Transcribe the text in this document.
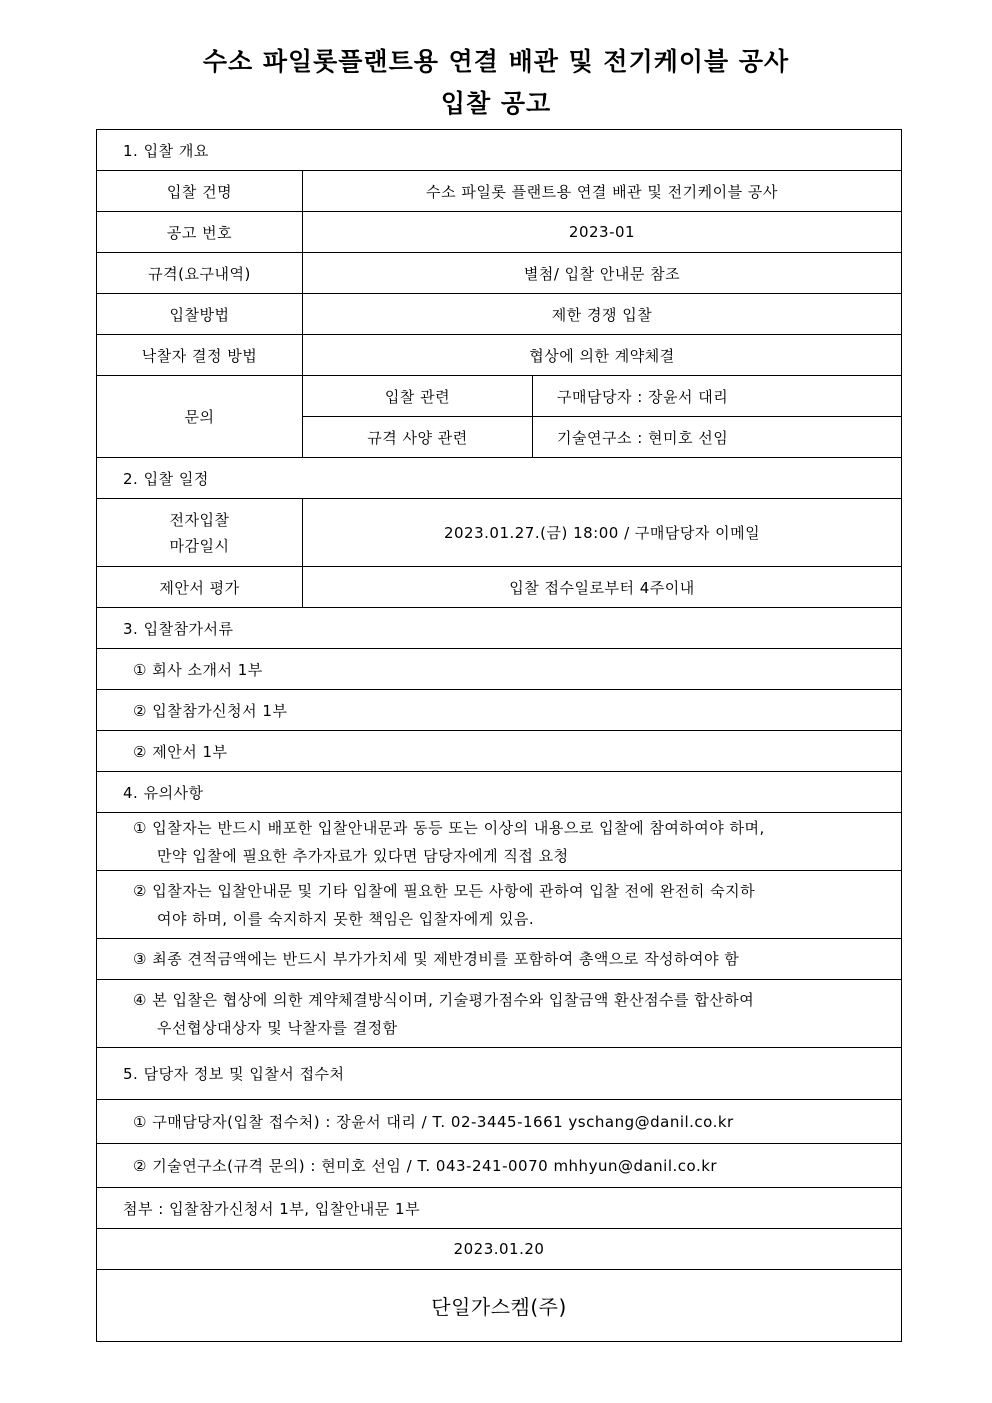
수소 파일롯플랜트용 연결 배관 및 전기케이블 공사
입찰 공고
1. 입찰 개요		
입찰 건명	수소 파일롯 플랜트용 연결 배관 및 전기케이블 공사	
공고 번호	2023-01	
규격(요구내역)	별첨/ 입찰 안내문 참조	
입찰방법	제한 경쟁 입찰	
낙찰자 결정 방법	협상에 의한 계약체결	
문의	입찰 관련	구매담당자 : 장윤서 대리
	규격 사양 관련	기술연구소 : 현미호 선임
2. 입찰 일정		
전자입찰
마감일시	2023.01.27.(금) 18:00 / 구매담당자 이메일	
제안서 평가	입찰 접수일로부터 4주이내	
3. 입찰참가서류		
① 회사 소개서 1부		
② 입찰참가신청서 1부		
② 제안서 1부		
4. 유의사항		
① 입찰자는 반드시 배포한 입찰안내문과 동등 또는 이상의 내용으로 입찰에 참여하여야 하며,
만약 입찰에 필요한 추가자료가 있다면 담당자에게 직접 요청		

② 입찰자는 입찰안내문 및 기타 입찰에 필요한 모든 사항에 관하여 입찰 전에 완전히 숙지하
여야 하며, 이를 숙지하지 못한 책임은 입찰자에게 있음.		

③ 최종 견적금액에는 반드시 부가가치세 및 제반경비를 포함하여 총액으로 작성하여야 함		
④ 본 입찰은 협상에 의한 계약체결방식이며, 기술평가점수와 입찰금액 환산점수를 합산하여
우선협상대상자 및 낙찰자를 결정함		

5. 담당자 정보 및 입찰서 접수처		
① 구매담당자(입찰 접수처) : 장윤서 대리 / T. 02-3445-1661 yschang@danil.co.kr		
② 기술연구소(규격 문의) : 현미호 선임 / T. 043-241-0070 mhhyun@danil.co.kr		
첨부 : 입찰참가신청서 1부, 입찰안내문 1부		
2023.01.20		
단일가스켐(주)		
